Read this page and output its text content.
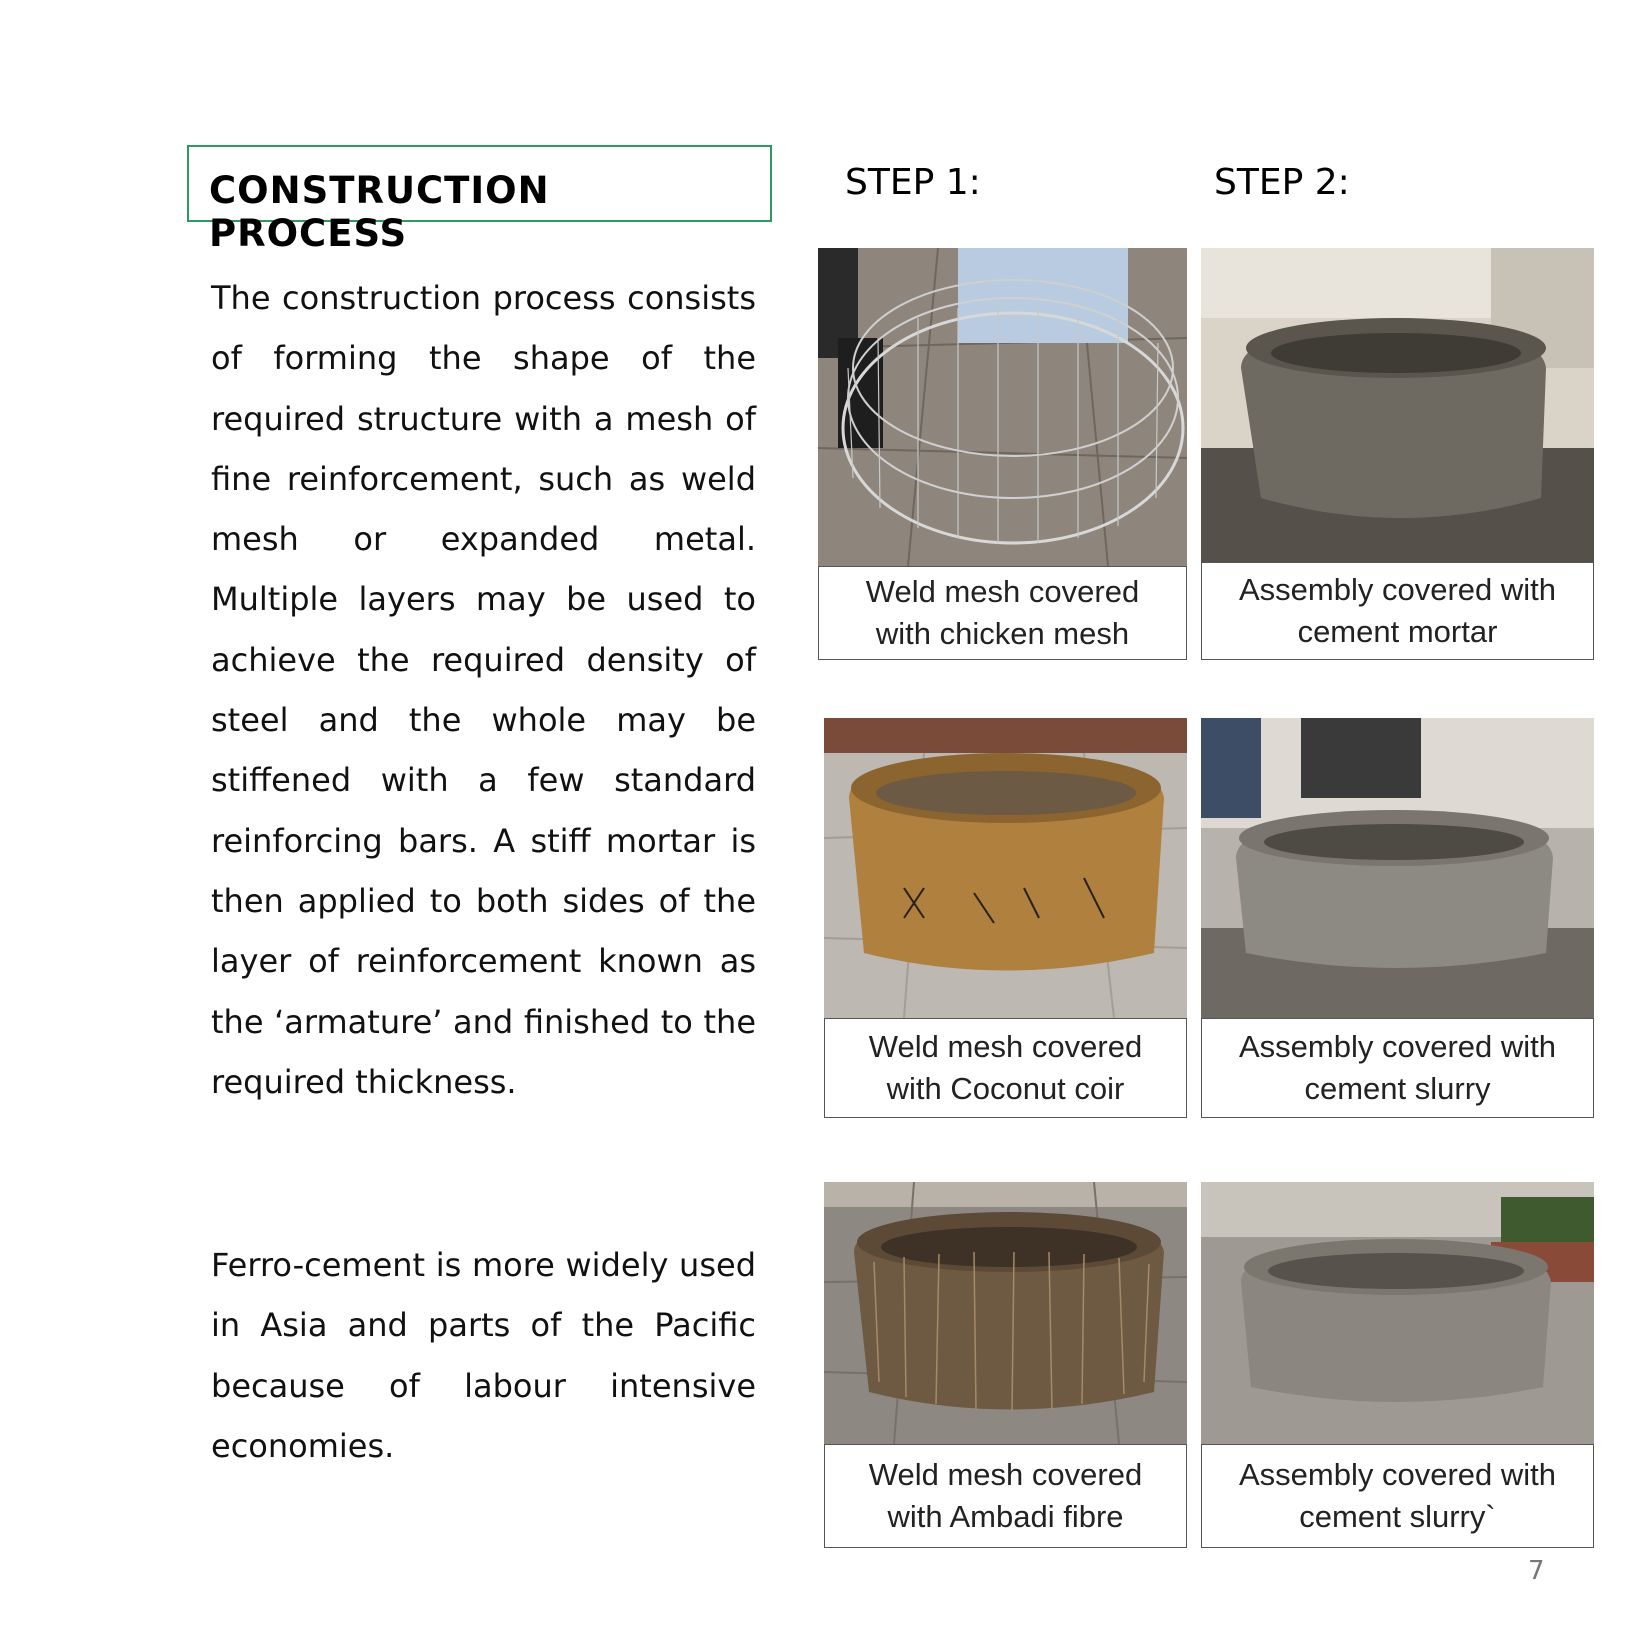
CONSTRUCTION PROCESS

The construction process consists of forming the shape of the required structure with a mesh of fine reinforcement, such as weld mesh or expanded metal. Multiple layers may be used to achieve the required density of steel and the whole may be stiffened with a few standard reinforcing bars. A stiff mortar is then applied to both sides of the layer of reinforcement known as the ‘armature’ and finished to the required thickness.

Ferro-cement is more widely used in Asia and parts of the Pacific because of labour intensive economies.

STEP 1:	STEP 2:
Weld mesh covered
with chicken mesh
Assembly covered with
cement mortar
Weld mesh covered
with Coconut coir
Assembly covered with
cement slurry
Weld mesh covered
with Ambadi fibre
Assembly covered with
cement slurry`
7
